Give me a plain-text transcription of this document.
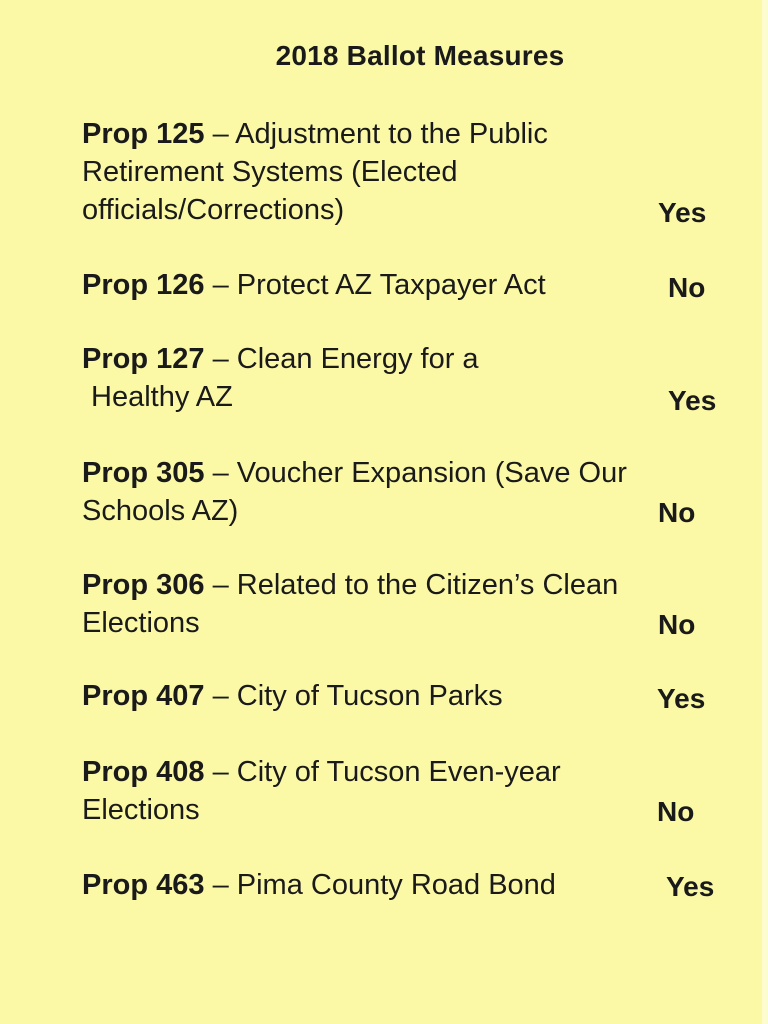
2018 Ballot Measures
Prop 125 – Adjustment to the Public
Retirement Systems (Elected
officials/Corrections)	Yes
Prop 126 – Protect AZ Taxpayer Act	No
Prop 127 – Clean Energy for a
Healthy AZ	Yes
Prop 305 – Voucher Expansion (Save Our
Schools AZ)	No
Prop 306 – Related to the Citizen’s Clean
Elections	No
Prop 407 – City of Tucson Parks	Yes
Prop 408 – City of Tucson Even-year
Elections	No
Prop 463 – Pima County Road Bond	Yes
